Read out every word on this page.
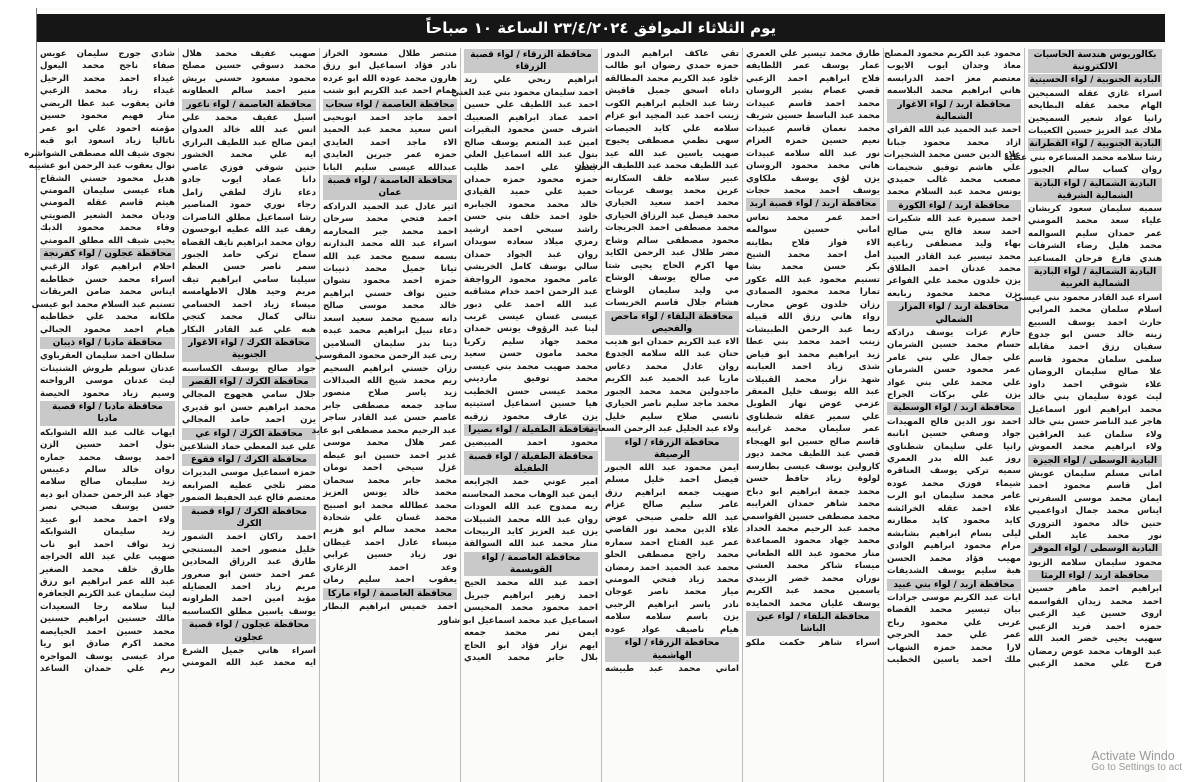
يوم الثلاثاء الموافق ٢٣/٤/٢٠٢٤ الساعة ١٠ صباحاً
بكالوريوس هندسة الحاسبات الالكترونية
البادية الجنوبية / لواء الحسينية
اسراء غازي عقله السميحين
الهام محمد عقله البطايحه
رانيا عواد شعير السميحين
ملاك عبد العزيز حسين الكعيبات
البادية الجنوبية / لواء القطرانة
رشا سلامه محمد المساعره بني عطيه
روان كساب سالم الجبور
البادية الشمالية / لواء البادية الشمالية الشرقية
سميه سليمان سعود كريشان
علياء سعد محمد المومني
عمر حمدان سليم السوالمه
محمد هليل رضاء الشرفات
هندي فارع فرحان المساعيد
البادية الشمالية / لواء البادية الشمالية الغربية
اسراء عبد القادر محمود بني عيسى
اسلام سلمان محمد المرابي
حارث احمد يوسف السبيع
زينه خالد حسن ابو جدوع
سفيان رزق احمد مقابله
سلمى سلمان محمود قاسم
علا صالح سليمان الروضان
علاء شوقي احمد داود
ليث عودة سليمان بني خالد
محمد ابراهيم انور اسماعيل
هاجر عبد الناصر حسن بني خالد
ولاء سلمان عبد العراقين
ولاء ابراهيم محمد العموش
البادية الوسطى / لواء الجيزة
امانی مسلم سلیمان عویش
امل قاسم محمود احمد
ايمان محمد موسى السفرتي
ايناس محمد جمال ادواعميي
حنين خالد محمود التروري
نور محمد عايد العلي
البادية الوسطى / لواء الموقر
محمود سليمان سلامه الزيود
محافظة اربد / لواء الرمثا
ابراهيم احمد ماهر حسين
احمد محمد زيدان القواسمه
اروى حسين عيد الزعبي
حمزه احمد فريد الزعبي
سهيب يحيى خضر العبد الله
عبد الوهاب محمد عوض رمضان
فرح علي محمد الزعبي
محمود عبد الكريم محمود المصلح
معاذ وجدان ايوب الايوب
معتصم معز احمد الدرابسه
هاني ابراهيم محمد البلاسمه
محافظة اربد / لواء الاغوار الشمالية
احمد عبد الحميد عبد الله الفراي
ازاد محمد محمود جبانا
علاء الدين حسن محمد الشجيرات
علي هاشم توفيق شحيمات
مصعب محمد غالب حميدي
يونس محمد عبد السلام محمد
محافظة اربد / لواء الكورة
احمد سميرة عبد الله شكيرات
احمد سعد فالح بني صالح
بهاء وليد مصطفى رباعيه
محمد تيسير عبد القادر العبيد
محمد عدنان احمد الطلاق
يزن خلدون محمد علي الفواعر
يزن محمد محمود ربابعه
محافظة اربد / لواء المزار الشمالي
حازم عزات يوسف درادكه
حسام محمد حسين الشرمان
علي جمال علي بني عامر
عمر محمود حسن الشرمان
علي محمد علي بني عواد
يزن علي بركات الجراح
محافظة اربد / لواء الوسطية
احمد نور الدين فالح المهيدات
جواد وصفي حسين ابانبه
رانيا علي سليمان شطناوي
روز عبد الله بدر العمري
سميه تركي يوسف العناقره
شيماء فوزي محمد عوده
عامر محمد سليمان ابو الرب
علاء احمد عقله الخرائشه
كايد محمود كايد مطارنه
ليلى بسام ابراهيم بشابشه
مرام محمود ابراهيم الوادي
مهيب فؤاد محمد الحسن
هبة سليم يوسف الشديفات
محافظة اربد / لواء بني عبيد
ايات عبد الكريم موسى جرادات
بيان تيسير محمد القضاه
عربى علي محمود رباح
عمر علي حمد الحرجي
لارا محمد حمزه الشهاب
ملك احمد ياسين الخطيب
طارق محمد تيسير علي العمري
عمار يوسف عمر اللطايفه
فلاح ابراهيم احمد الزعبي
قصي عصام بشير الروسان
محمد احمد قاسم عبيدات
محمد عبد الباسط حسين شريف
محمد نعمان قاسم عبيدات
نعيم حسين حمزه العزام
نور عبد الله سلامه عبيدات
هاني محمد محمود الروسان
يزن لؤي يوسف ملكاوي
يوسف احمد محمد حجات
محافظة اربد / لواء قصبة اربد
احمد عمر محمد نعاس
اماني حسين سوالمه
الاء فواز فلاح بطاينه
امل احمد محمد الشيخ
بكر حسن محمد بشا
تسنيم محمود عبد الله عكور
تمارا محمد محمود الصمادي
رزان خلدون عوض محارب
رواء هاني رزق الله قبيله
ريما عبد الرحمن الطبيشات
زينب احمد محمد بني عطا
زيد ابراهيم محمد ابو فياض
شذى زياد احمد العبابنه
شهد نزار محمد القبيلات
عبد الله يوسف خليل المعقر
عزمي عوض نهار الطويل
علي سمير عقله شطناوي
عمر سليمان محمد غرايبه
قاسم صالح حسين ابو الهيجاء
قصي عبد اللطيف محمد ديور
كارولين يوسف عيسى بطارسه
لولوة زياد حافظ حسن
محمد جمعة ابراهيم ابو دباح
محمد شاهر حمدان الغرايبه
محمد مصطفى حسين القواسمي
محمد عبد الرحيم محمد الحداد
محمد جهاد محمود الصماعدة
منار محمود عبد الله الطعاني
ميساء شاكر محمد العشي
نوران محمد خضر الزبيدي
ياسمين محمد عبد الكريم
يوسف عليان محمد الحمايده
محافظة البلقاء / لواء عين الباشا
اسراء شاهر حكمت ملكو
تقي عاكف ابراهيم البدور
حمزه حمدي رضوان ابو طالب
خلود عبد الكريم محمد المطالقه
داناه اسحق جميل قاقيش
رشا عبد الحليم ابراهيم الكوب
زينب احمد عبد المجيد ابو عزام
سلامه علي كايد الحيصات
سهى نظمي مصطفى يحيوح
صهيب ياسين عبد الله عيد
عبد اللطيف محمد عبد اللطيف الرشدان
عبير سلامه خلف السكارنه
عرين محمد يوسف عربيات
محمد احمد سعيد الحياري
محمد فيصل عبد الرزاق الحياري
محمد مصطفى احمد الجريجات
محمود مصطفى سالم وشاح
مضر طلال عبد الرحمن الكايد
مها اكرم الحاج يحيى شتا
مي صالح يوسف الوشاح
مي وليد سليمان الوشاح
هشام جلال قاسم الخريسات
محافظة البلقاء / لواء ماحص والفحيص
الاء عبد الكريم حمدان ابو هديب
حنان عبد الله سلامه الجدوع
روان عادل محمد دعاس
ماريا عبد الحميد عبد الكريم
ماجدولين محمد محمد الجبور
محمد ماجد سليم ناصر الحياري
نانسي صلاح سليم خليل
ولاء عبد الجليل عبد الرحمن السعايدة
محافظة الزرقاء / لواء الرصيفة
ايمن محمود عبد الله الجبور
فيصل احمد خليل مسلم
صهيب جمعه ابراهيم رزق
عامر سليم صالح عزام
عبد الله حلمي صبحي عوض
علاء الدين محمد نور القاضي
عمر عبد الفتاح احمد سماره
محمد راجح مصطفى الحلو
محمد عبد الحميد احمد رمضان
محمد زياد فتحي المومني
ميار محمد ناصر عوجان
نادر ياسر ابراهيم الرجبي
يزن باسم سلامه سلامه
هيام ناصيف عواد عوده
محافظة الزرقاء / لواء الهاشمية
اماني محمد عبد طبيشه
محافظة الزرقاء / لواء قصبة الزرقاء
ابراهيم ربحي علي زيد
احمد سليمان محمود بني عبد الغني
احمد عبد اللطيف علي حسين
احمد عماد ابراهيم الصعبيك
اشرف حسن محمود البقيرات
امين عبد المنعم يوسف صالح
بتول عبد الله اسماعيل العلي
جعفر علي احمد ظليب
حمزه محمود حمزه حمدان
حميد علي حميد القيادي
خالد محمد محمود الجبابره
خلود احمد خلف بني حسن
راشد سبحي احمد ارشيد
رمزي ميلاد سعاده سويدان
روان عبد الجواد حمدان
سالي بوسف كامل الخريشي
عامر محمود محمود الرواجفة
عبد الرحمن احمد خدام مشاقبه
عبد الله احمد علي دبور
عيسى غسان عيسى غريب
لينا عبد الرؤوف يونس حمدان
محمد جهاد سليم زكريا
محمد مامون حسن سعيد
محمد صهيب محمد بني عيسى
محمد توفيق مارديني
محمد عيسى حسن الخطيب
هيا حسين اسماعيل استيتيه
يزن عارف محمود زرقيه
محافظة الطفيلة / لواء بصيرا
محمود احمد المبيضين
محافظة الطفيلة / لواء قصبة الطفيلة
امير عوني حمد الجرايعه
ايمن عبد الوهاب محمد المحاسنه
ريه ممدوح عبد الله العودات
روان عبد الله محمد الشبيلات
يزن عبد العزيز كايد الربيحات
منار محمد عبد الله السوالقة
محافظة العاصمة / لواء القويسمة
احمد عبد الله محمد الحيح
احمد زهير ابراهيم جبريل
احمد محمود محمد المحيسن
اسماعيل عبد محمد اسماعيل ابو شاور
ايمن نمر محمد جمعه
ايهم نزار فؤاد ابو الحاج
بلال جابر محمد العيدي
منتصر طلال مسعود الخراز
نادر فؤاد اسماعيل ابو رزق
هارون محمد عوده الله ابو عرده
همام احمد عبد الكريم ابو شنب
محافظة العاصمة / لواء سحاب
احمد ماجد احمد ابويحيى
انس سعيد محمد عبد الحميد
الاء ماجد احمد العايدي
حمزه عمر جبرين العايدي
عبدالله عيسى سليم البابا
محافظة العاصمة / لواء قصبة عمان
اثير عادل عبد الحميد الدرادكه
احمد فتحي محمد سرحان
احمد محمد جبر المحارمه
اسراء عبد الله محمد البدارنه
بسمه سميح محمد عبد الله
تيانا جميل محمد ذنيبات
حمزه احمد محمود نشوان
حنين نواف حسني ابراهيم
خالد محمد موسى صالح
دانه سميح محمد سعيد اسعد
دعاء نبيل ابراهيم محمد عبده
دينا بدر سليمان السلامين
ربى عبد الرحمن محمود المقوسي
رزان حسني ابراهيم السحيم
ريم محمد شيخ الله العبدالات
زيد ياسر صلاح منصور
ساجد جمعه مصطفى جابر
عاصم حسن عبد القادر ساجر
عبد الرحيم محمد مصطفى ابو عايد
عمر هلال محمد موسى
غدير احمد حسين ابو عيطه
غزل سيحي احمد نومان
محمد جابر محمد سحمان
محمد خالد يونس العزيز
محمد عطالله محمد ابو اصبيح
محمد غسان علي شحادة
محمد محمد سالم ابو هزيم
ميساء عادل احمد غيطان
نور زياد حسين عرابي
وعد احمد الزعاري
يعقوب احمد سليم رمان
محافظة العاصمة / لواء ماركا
احمد خميس ابراهيم البطار
صهيب عفيف محمد هلال
محمد دسوقي حسين مصلح
محمود مسعود حسني بريش
منير احمد سالم العطاونه
محافظة العاصمة / لواء ناعور
اسيل عفيف محمد علي
انس عبد الله خالد العدوان
ايمن صالح عبد اللطيف البراري
ايه علي محمد الخشور
حنين شوقي فوزي عاصي
دانا عماد ايوب جادو
دعاء نازك لطفي زامل
رجاء نوري حمود المناصير
رشا اسماعيل مطلق الناصرات
رهف عبد الله عطيه ابوحسون
روان محمد ابراهيم نايف القضاه
سماح تركي حامد الجبور
سمر ناصر حسن العظم
سيلينا سامي ابراهيم تيف
مريم وحيد هلال الاطهامسه
ميساء زياد احمد الحسامي
نتالي كمال محمد كتجي
هبه علي عبد القادر البكار
محافظة الكرك / لواء الاغوار الجنوبية
جواد صالح يوسف الكساسبه
محافظة الكرك / لواء القصر
جلال سامي هجهوج المجالي
محمد ابراهيم حسن ابو قديري
يزن احمد حامد المجالي
محافظة الكرك / لواء عي
علي عبد المعطي حماد الشلاعين
محافظة الكرك / لواء فقوع
حمزه اسماعيل موسى البديرات
مضر تلجي عطيه الصرابعه
معتصم فالح عبد الحفيظ الضمور
محافظة الكرك / لواء قصبة الكرك
احمد راكان احمد الشمور
خليل منصور احمد البستنجي
طارق عبد الرزاق المحادين
عمر احمد حسن ابو صعرور
مريم زياد احمد العضايله
مؤيد امين احمد الطراونه
يوسف ياسين مطلق الكساسبه
محافظة عجلون / لواء قصبة عجلون
اسراء هاني جميل الشرع
ايه محمد عبد الله المومني
شادي جورج سليمان عويس
صفاء ناجح محمد اليعول
غيداء احمد محمد الرحيل
غيداء زياد محمد الزعبي
فاتن يعقوب عبد عطا الريضي
منار فهيم محمود حسين
مؤمنه احمود علي ابو عمر
ناتاليا زياد اسعود ابو قبه
نجوى شيف الله مصطفى الشواشره
نوال يعقوب عبد الرحمن ابو عشيبه
هديل محمود حسني الشقاح
هناء عيسى سليمان المومني
هيثم قاسم عقله المومني
وديان محمد الشعير الصويتي
وفاء محمد محمود الدبك
يحيى شيف الله مطلق المومني
محافظة عجلون / لواء كفرنجة
احلام ابراهيم عواد الزغبي
اسراء محمد حسن خطاطبه
ايناس محمد ضامن العريقات
تسنيم عبد السلام محمد ابو عيسى
ملكانه محمد علي خطاطبه
هيام احمد محمود الجبالي
محافظة مادبا / لواء ذيبان
سلطان احمد سليمان العقرباوي
عدنان سويلم طروش الشنينات
ليث عدنان موسى الرواحنه
وسيم زياد محمود الحيصة
محافظة مادبا / لواء قصبة مادبا
ايهاب غالب عبد الله الشوابكه
بتول احمد حسين الزن
احمد يوسف محمد جماره
روان خالد سالم دعيبس
زيد سليمان صالح سلامه
جهاد عبد الرحمن حمدان ابو ديه
حسن يوسف صبحي نصر
ولاء احمد محمد ابو عبيد
زيد سليمان الشوابكه
زيد نواف احمد ابو ناب
صهيب علي عبد الله الحراجه
طارق خلف محمد الصغير
عبد الله عمر ابراهيم ابو رزق
ليث سليمان عبد الكريم الجعافره
لينا سلامه رجا السعيدات
مالك حسنين ابراهيم حسنين
محمد حسين احمد الحيايصه
محمد اكرم صادق ابو ريا
مراد عيسى يوسف المواجره
ريم علي حمدان الساعد
Activate Windo
Go to Settings to act
